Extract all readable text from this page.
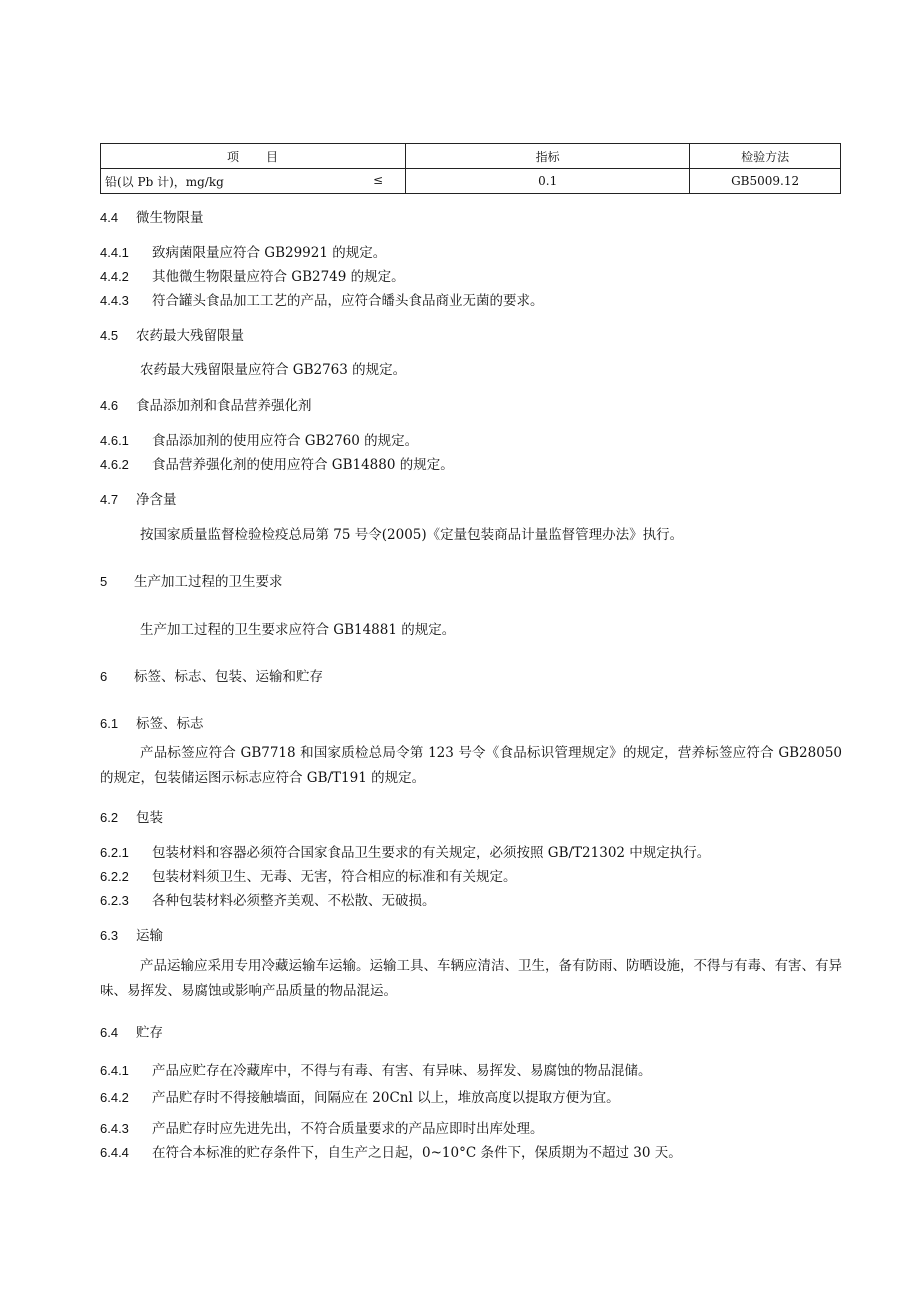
项　　目	指标	检验方法
铅(以 Pb 计)，mg/kg ≤	0.1	GB5009.12
4.4 微生物限量
4.4.1 致病菌限量应符合 GB29921 的规定。
4.4.2 其他微生物限量应符合 GB2749 的规定。
4.4.3 符合罐头食品加工工艺的产品，应符合皤头食品商业无菌的要求。
4.5 农药最大残留限量
农药最大残留限量应符合 GB2763 的规定。
4.6 食品添加剂和食品营养强化剂
4.6.1 食品添加剂的使用应符合 GB2760 的规定。
4.6.2 食品营养强化剂的使用应符合 GB14880 的规定。
4.7 净含量
按国家质量监督检验检疫总局第 75 号令(2005)《定量包装商品计量监督管理办法》执行。
5 生产加工过程的卫生要求
生产加工过程的卫生要求应符合 GB14881 的规定。
6 标签、标志、包装、运输和贮存
6.1 标签、标志
产品标签应符合 GB7718 和国家质检总局令第 123 号令《食品标识管理规定》的规定，营养标签应符合 GB28050 的规定，包装储运图示标志应符合 GB/T191 的规定。
6.2 包装
6.2.1 包装材料和容器必须符合国家食品卫生要求的有关规定，必须按照 GB/T21302 中规定执行。
6.2.2 包装材料须卫生、无毒、无害，符合相应的标准和有关规定。
6.2.3 各种包装材料必须整齐美观、不松散、无破损。
6.3 运输
产品运输应采用专用冷藏运输车运输。运输工具、车辆应清洁、卫生，备有防雨、防晒设施，不得与有毒、有害、有异味、易挥发、易腐蚀或影响产品质量的物品混运。
6.4 贮存
6.4.1 产品应贮存在冷藏库中，不得与有毒、有害、有异味、易挥发、易腐蚀的物品混储。
6.4.2 产品贮存时不得接触墙面，间隔应在 20Cnl 以上，堆放高度以提取方便为宜。
6.4.3 产品贮存时应先进先出，不符合质量要求的产品应即时出库处理。
6.4.4 在符合本标准的贮存条件下，自生产之日起，0~10°C 条件下，保质期为不超过 30 天。
